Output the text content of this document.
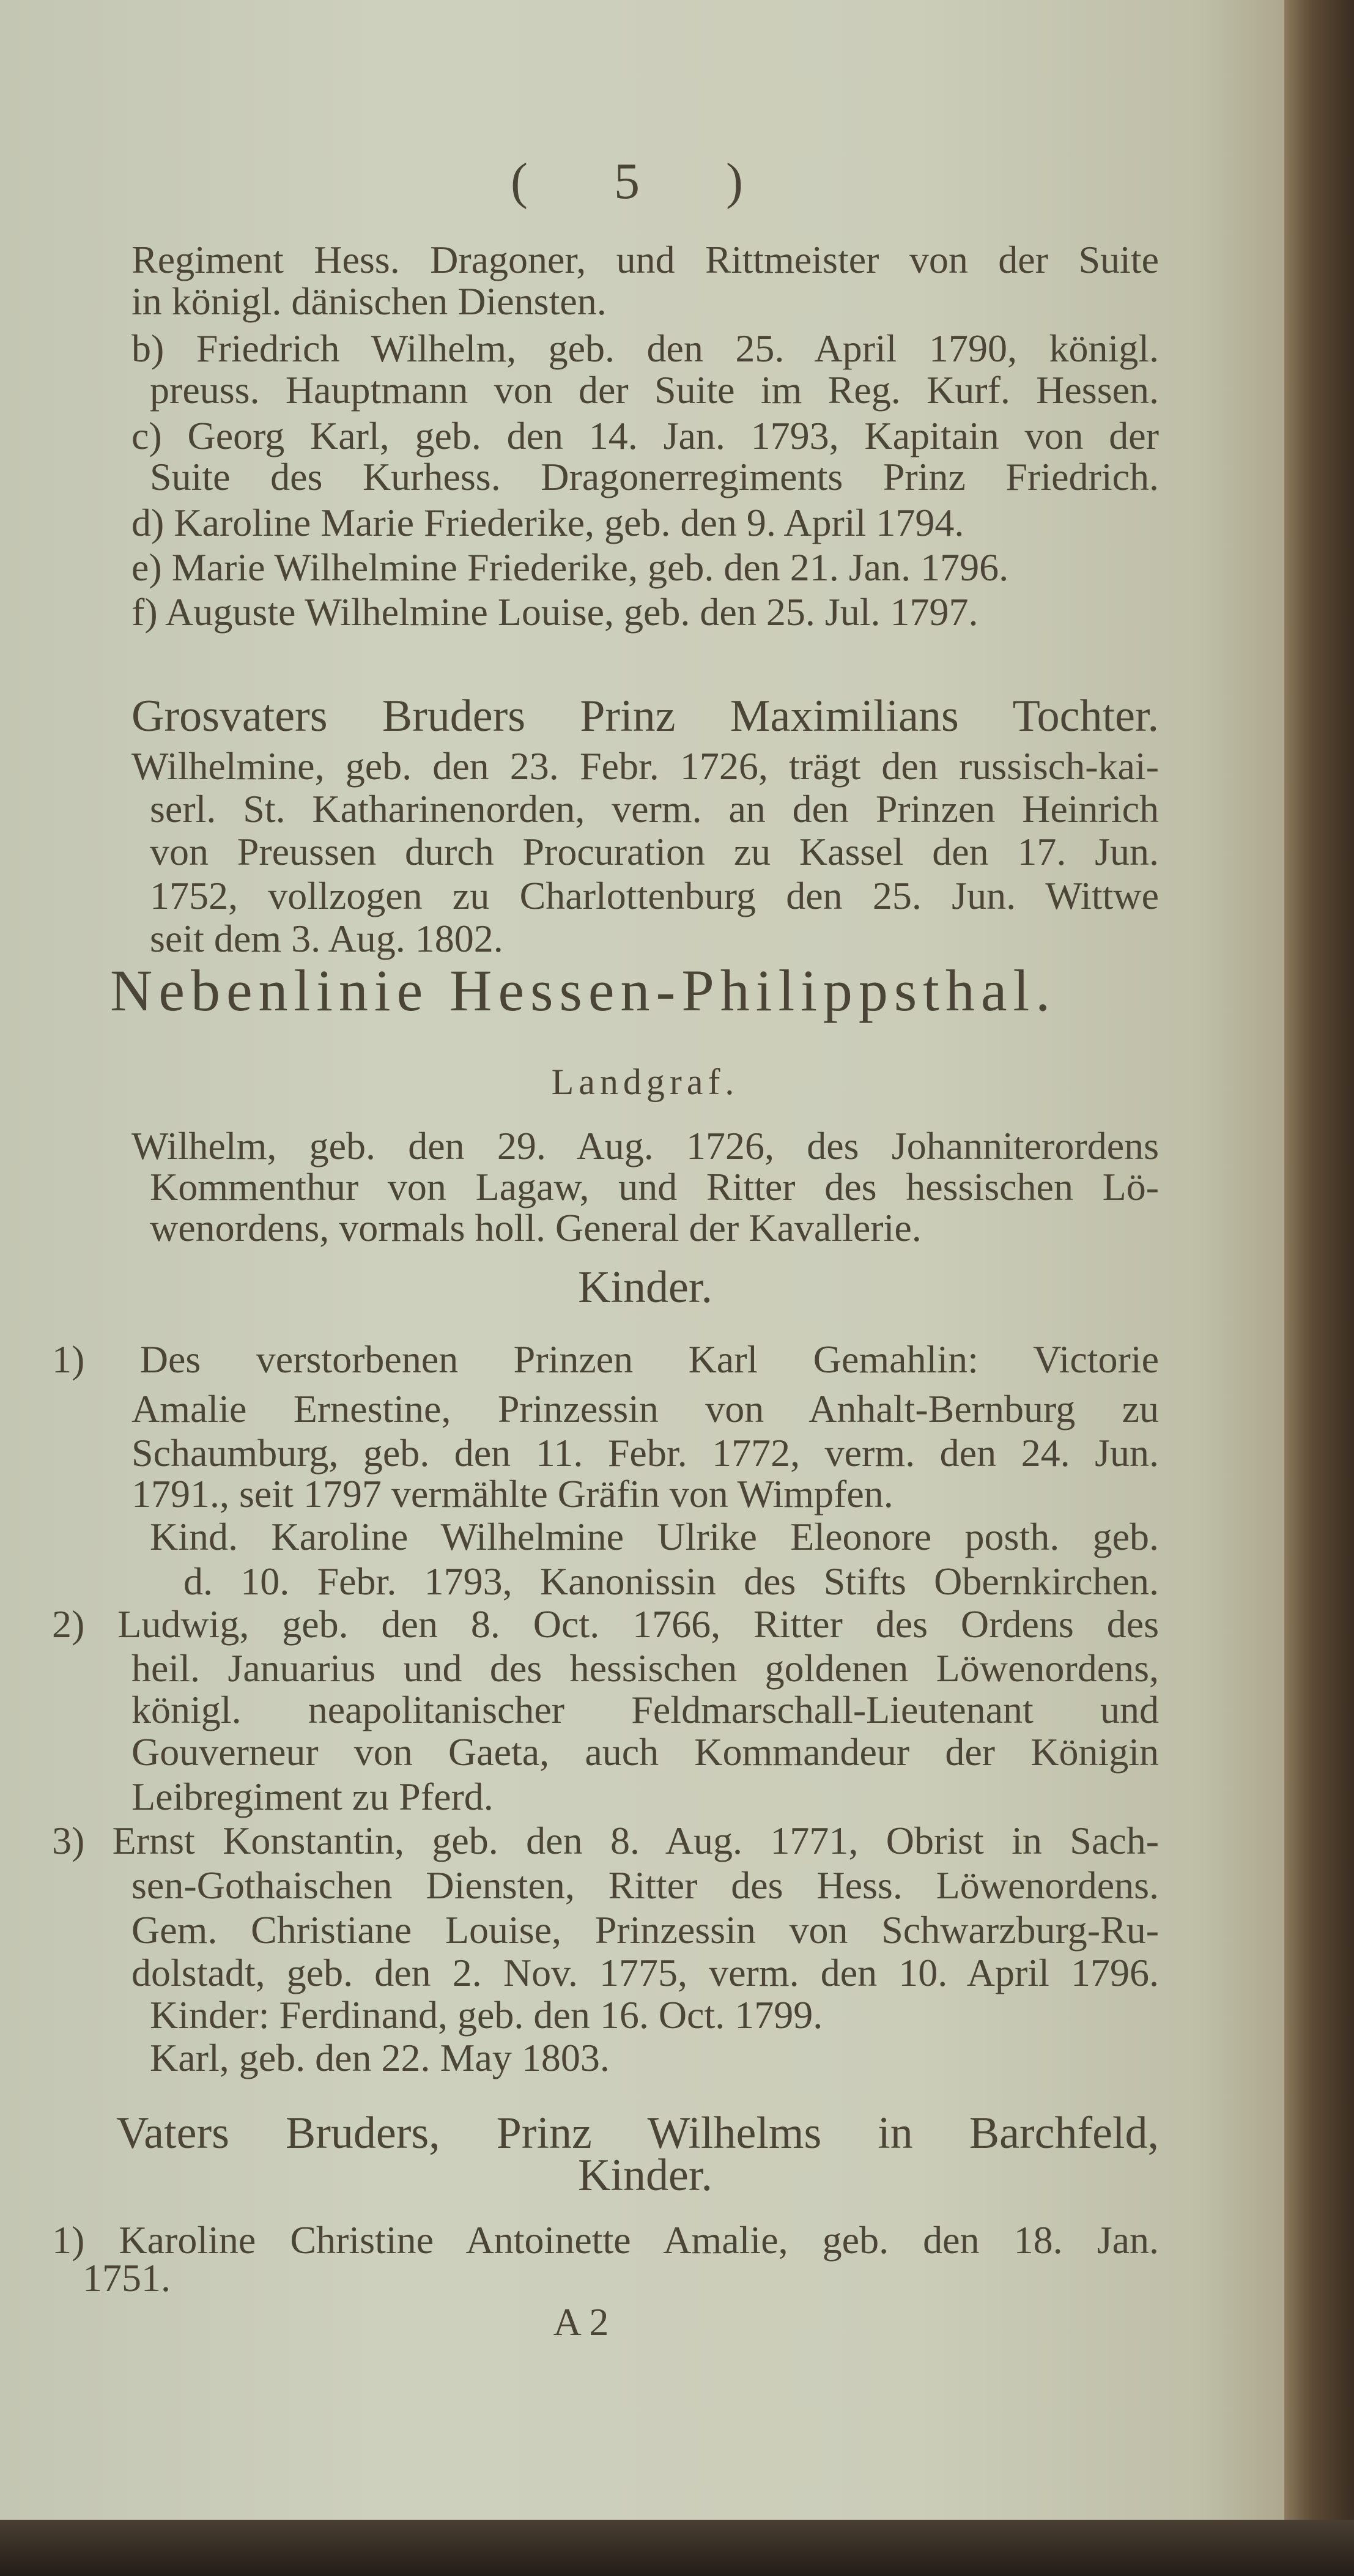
( 5 )
Regiment Hess. Dragoner, und Rittmeister von der Suite
in königl. dänischen Diensten.
b) Friedrich Wilhelm, geb. den 25. April 1790, königl.
preuss. Hauptmann von der Suite im Reg. Kurf. Hessen.
c) Georg Karl, geb. den 14. Jan. 1793, Kapitain von der
Suite des Kurhess. Dragonerregiments Prinz Friedrich.
d) Karoline Marie Friederike, geb. den 9. April 1794.
e) Marie Wilhelmine Friederike, geb. den 21. Jan. 1796.
f) Auguste Wilhelmine Louise, geb. den 25. Jul. 1797.
Grosvaters Bruders Prinz Maximilians Tochter.
Wilhelmine, geb. den 23. Febr. 1726, trägt den russisch-kai-
serl. St. Katharinenorden, verm. an den Prinzen Heinrich
von Preussen durch Procuration zu Kassel den 17. Jun.
1752, vollzogen zu Charlottenburg den 25. Jun. Wittwe
seit dem 3. Aug. 1802.
Nebenlinie Hessen-Philippsthal.
Landgraf.
Wilhelm, geb. den 29. Aug. 1726, des Johanniterordens
Kommenthur von Lagaw, und Ritter des hessischen Lö-
wenordens, vormals holl. General der Kavallerie.
Kinder.
1) Des verstorbenen Prinzen Karl Gemahlin: Victorie
Amalie Ernestine, Prinzessin von Anhalt-Bernburg zu
Schaumburg, geb. den 11. Febr. 1772, verm. den 24. Jun.
1791., seit 1797 vermählte Gräfin von Wimpfen.
Kind. Karoline Wilhelmine Ulrike Eleonore posth. geb.
d. 10. Febr. 1793, Kanonissin des Stifts Obernkirchen.
2) Ludwig, geb. den 8. Oct. 1766, Ritter des Ordens des
heil. Januarius und des hessischen goldenen Löwenordens,
königl. neapolitanischer Feldmarschall-Lieutenant und
Gouverneur von Gaeta, auch Kommandeur der Königin
Leibregiment zu Pferd.
3) Ernst Konstantin, geb. den 8. Aug. 1771, Obrist in Sach-
sen-Gothaischen Diensten, Ritter des Hess. Löwenordens.
Gem. Christiane Louise, Prinzessin von Schwarzburg-Ru-
dolstadt, geb. den 2. Nov. 1775, verm. den 10. April 1796.
Kinder: Ferdinand, geb. den 16. Oct. 1799.
Karl, geb. den 22. May 1803.
Vaters Bruders, Prinz Wilhelms in Barchfeld,
Kinder.
1) Karoline Christine Antoinette Amalie, geb. den 18. Jan.
1751.
A 2
